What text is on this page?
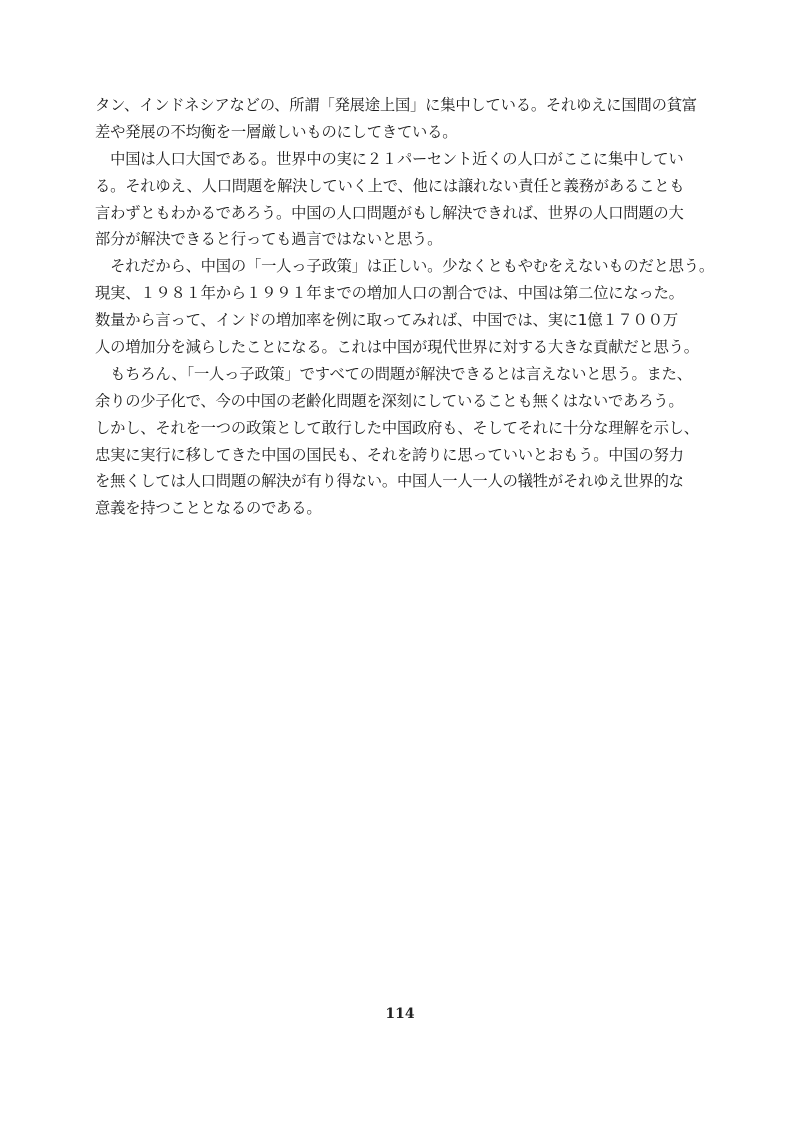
タン、インドネシアなどの、所謂「発展途上国」に集中している。それゆえに国間の貧富
差や発展の不均衡を一層厳しいものにしてきている。
　中国は人口大国である。世界中の実に２１パーセント近くの人口がここに集中してい
る。それゆえ、人口問題を解決していく上で、他には譲れない責任と義務があることも
言わずともわかるであろう。中国の人口問題がもし解決できれば、世界の人口問題の大
部分が解決できると行っても過言ではないと思う。
　それだから、中国の「一人っ子政策」は正しい。少なくともやむをえないものだと思う。
現実、１９８１年から１９９１年までの増加人口の割合では、中国は第二位になった。
数量から言って、インドの増加率を例に取ってみれば、中国では、実に1億１７００万
人の増加分を減らしたことになる。これは中国が現代世界に対する大きな貢献だと思う。
　もちろん、「一人っ子政策」ですべての問題が解決できるとは言えないと思う。また、
余りの少子化で、今の中国の老齢化問題を深刻にしていることも無くはないであろう。
しかし、それを一つの政策として敢行した中国政府も、そしてそれに十分な理解を示し、
忠実に実行に移してきた中国の国民も、それを誇りに思っていいとおもう。中国の努力
を無くしては人口問題の解決が有り得ない。中国人一人一人の犠牲がそれゆえ世界的な
意義を持つこととなるのである。
114
